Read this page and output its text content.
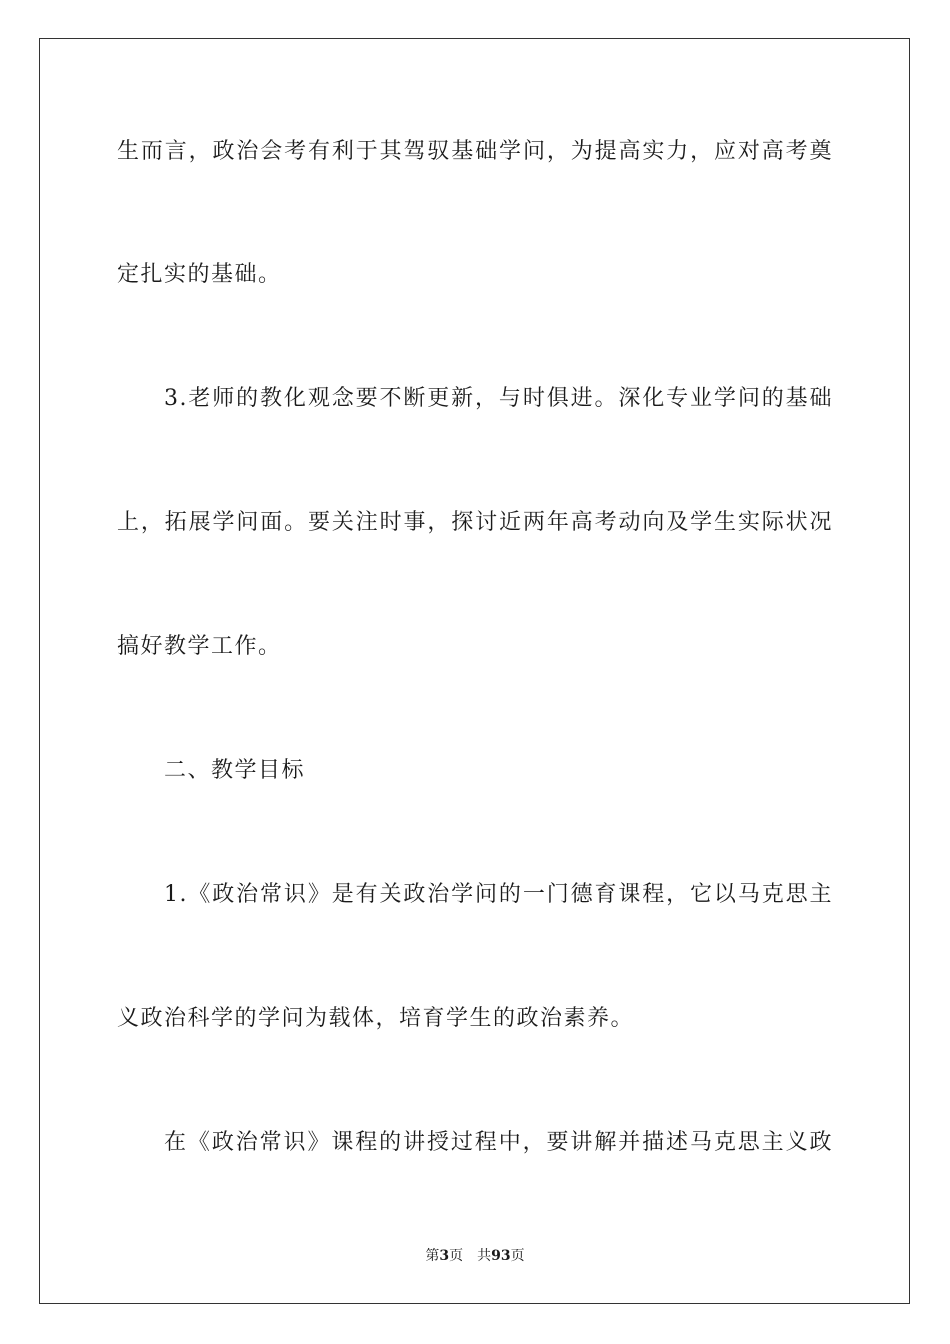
生而言，政治会考有利于其驾驭基础学问，为提高实力，应对高考奠
定扎实的基础。
3.老师的教化观念要不断更新，与时俱进。深化专业学问的基础
上，拓展学问面。要关注时事，探讨近两年高考动向及学生实际状况
搞好教学工作。
二、教学目标
1.《政治常识》是有关政治学问的一门德育课程，它以马克思主
义政治科学的学问为载体，培育学生的政治素养。
在《政治常识》课程的讲授过程中，要讲解并描述马克思主义政
第3页 共93页
